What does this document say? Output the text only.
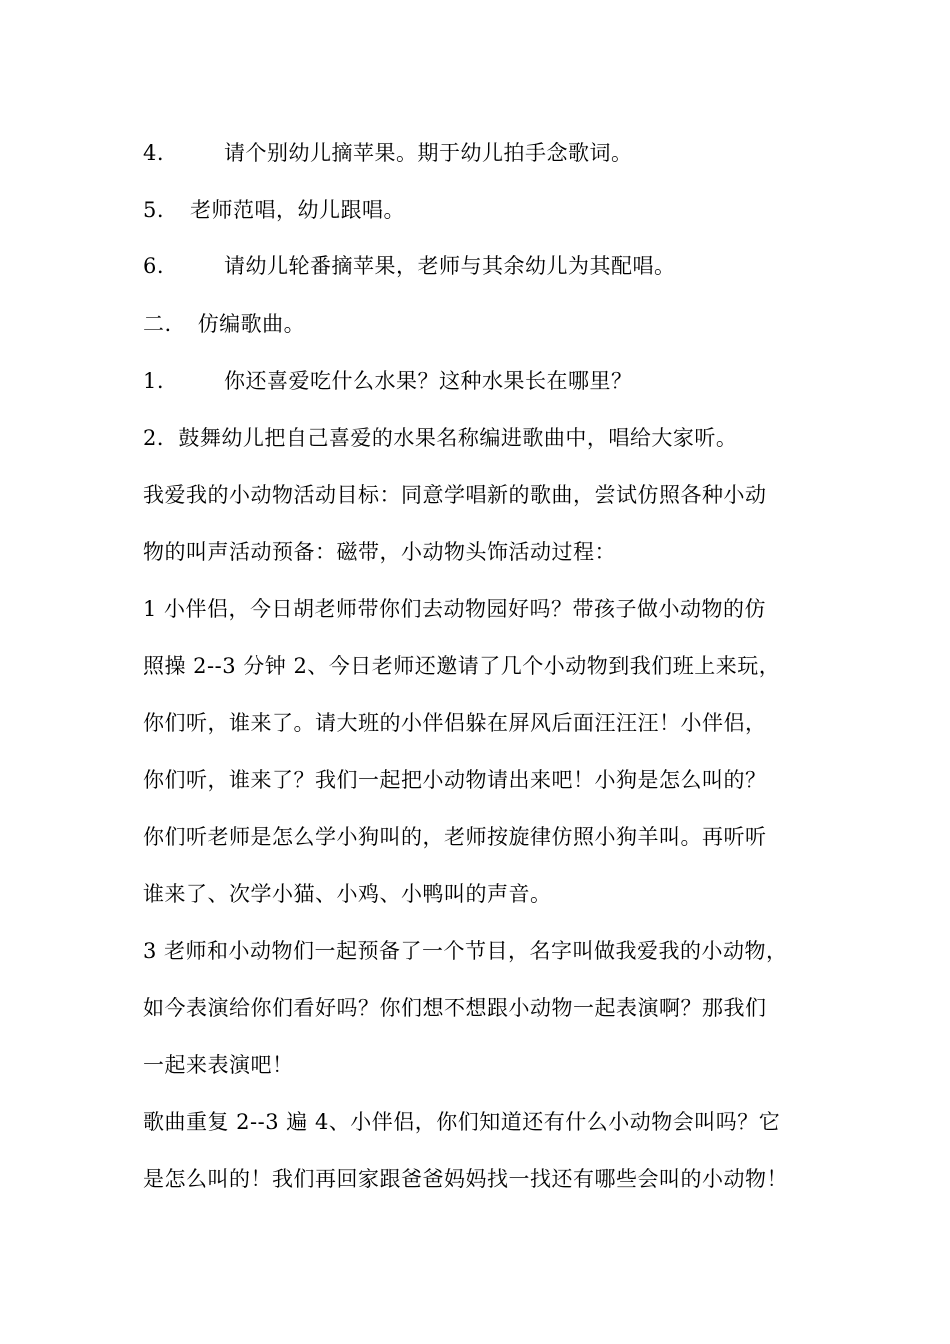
4.	请个别幼儿摘苹果。期于幼儿拍手念歌词。
5. 老师范唱，幼儿跟唱。
6.	请幼儿轮番摘苹果，老师与其余幼儿为其配唱。
二. 仿编歌曲。
1.	你还喜爱吃什么水果？这种水果长在哪里？
2．鼓舞幼儿把自己喜爱的水果名称编进歌曲中，唱给大家听。
我爱我的小动物活动目标：同意学唱新的歌曲，尝试仿照各种小动
物的叫声活动预备：磁带，小动物头饰活动过程：
1 小伴侣，今日胡老师带你们去动物园好吗？带孩子做小动物的仿
照操 2--3 分钟 2、今日老师还邀请了几个小动物到我们班上来玩，
你们听，谁来了。请大班的小伴侣躲在屏风后面汪汪汪！小伴侣，
你们听，谁来了？我们一起把小动物请出来吧！小狗是怎么叫的？
你们听老师是怎么学小狗叫的，老师按旋律仿照小狗羊叫。再听听
谁来了、次学小猫、小鸡、小鸭叫的声音。
3 老师和小动物们一起预备了一个节目，名字叫做我爱我的小动物，
如今表演给你们看好吗？你们想不想跟小动物一起表演啊？那我们
一起来表演吧！
歌曲重复 2--3 遍 4、小伴侣，你们知道还有什么小动物会叫吗？它
是怎么叫的！我们再回家跟爸爸妈妈找一找还有哪些会叫的小动物！
